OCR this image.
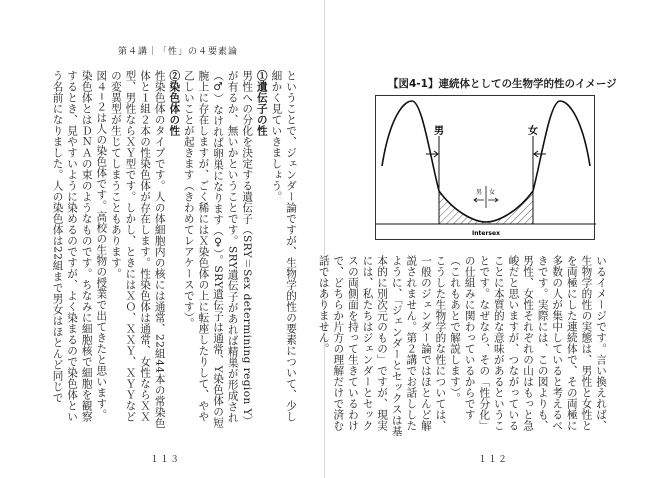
第４講｜「性」の４要素論

ということで、ジェンダー論ですが、生物学的性の要素について、少し細かく見ていきましょう。

①遺伝子の性

男性への分化を決定する遺伝子（SRY＝Sex determining region Y）が有るか、無いかということです。SRY遺伝子があれば精巣が形成され（♂）なければ卵巣になります（♀）。SRY遺伝子は通常、Y染色体の短腕上に存在しますが、ごく稀にはＸ染色体の上に転座したりして、やや乙しいことが起きます（きわめてレアケースです）。

②染色体の性

性染色体のタイプです。人の体細胞内の核には通常、22組44本の常染色体と１組２本の性染色体が存在します。性染色体は通常、女性ならＸＸ型、男性ならＸＹ型です。しかし、ときにはＸＯ、ＸＸＹ、ＸＹＹなどの変異型が生じてしまうこともあります。

図４−２は人の染色体です。高校の生物の授業で出てきたと思います。染色体とはＤＮＡの束のようなものです。ちなみに細胞核で細胞を観察するとき、見やすいように染めるのですが、よく染まるので染色体という名前になりました。人の染色体は22組まで男女はほとんど同じで

１１３
【図4-1】連続体としての生物学的性のイメージ
男	女
男 女
Intersex

いるイメージです。言い換えれば、生物学的性の実態は、男性と女性とを両極にした連続体で、その両極に多数の人が集中していると考えるべきです。実際には、この図よりも、男性、女性それぞれの山はもっと急峻だと思いますが、つながっていることに本質的な意味があるということです。なぜなら、その「性分化」の仕組みに関わっているからです（これもあとで解説します）。

こうした生物学的な性については、一般のジェンダー論ではほとんど解説されません。第２講でお話ししたように、「ジェンダーとセックスは基本的に別次元のもの」ですが、現実には、私たちはジェンダーとセックスの両側面を持って生きているわけで、どちらか片方の理解だけで済む話ではありません。

１１２
